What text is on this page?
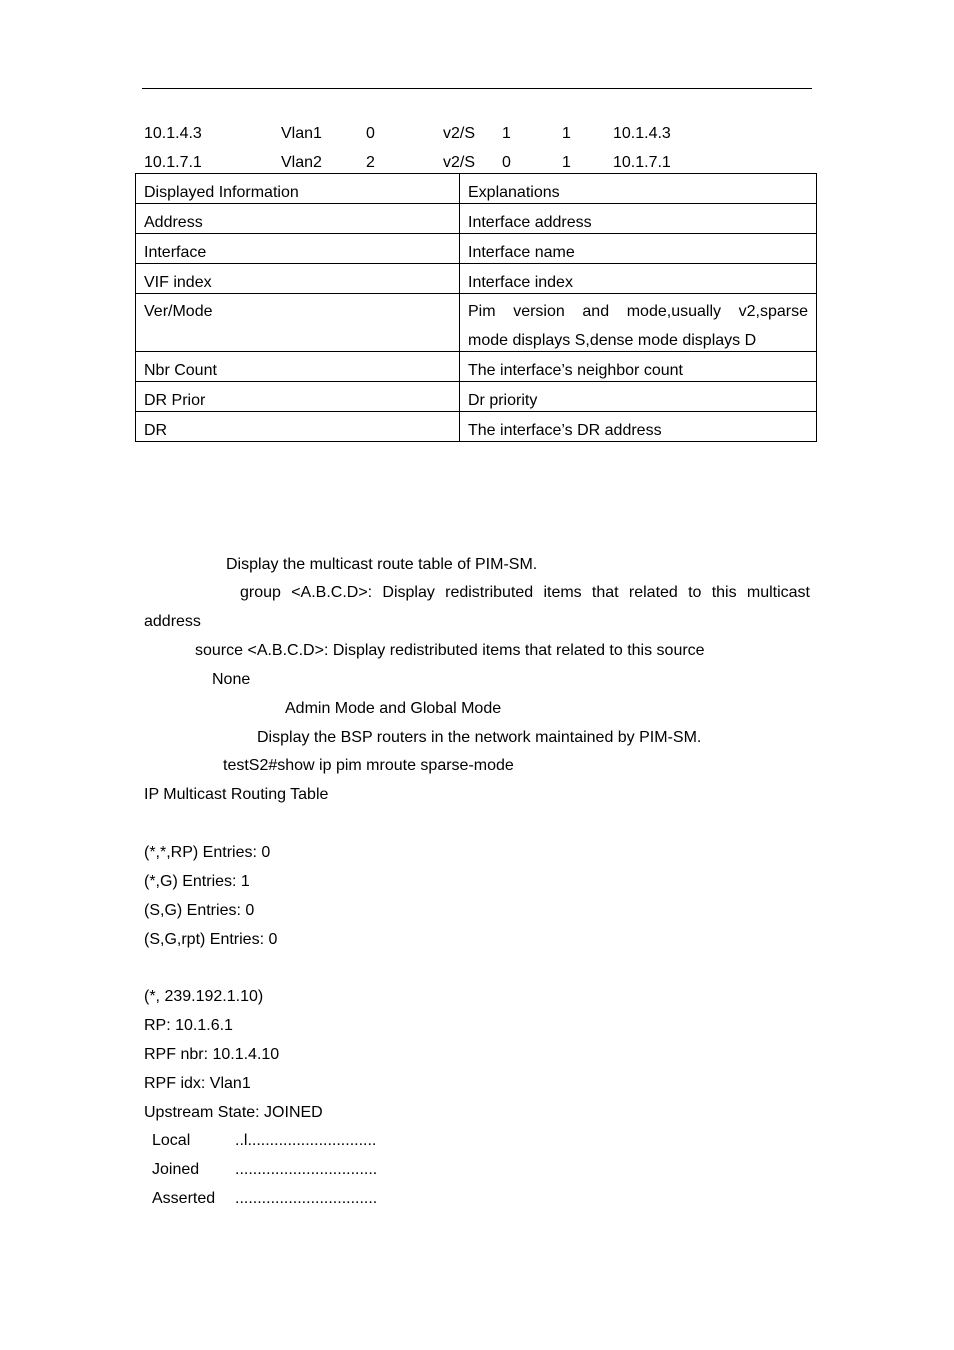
10.1.4.3	Vlan1	0	v2/S 1	1	10.1.4.3
10.1.7.1	Vlan2	2	v2/S 0	1	10.1.7.1
Displayed Information	Explanations
Address	Interface address
Interface	Interface name
VIF index	Interface index
Ver/Mode	Pim version and mode,usually v2,sparse
mode displays S,dense mode displays D

Nbr Count	The interface’s neighbor count
DR Prior	Dr priority
DR	The interface’s DR address
Display the multicast route table of PIM-SM.
group <A.B.C.D>: Display redistributed items that related to this multicast
address
source <A.B.C.D>: Display redistributed items that related to this source
None
Admin Mode and Global Mode
Display the BSP routers in the network maintained by PIM-SM.
testS2#show ip pim mroute sparse-mode
IP Multicast Routing Table
(*,*,RP) Entries: 0
(*,G) Entries: 1
(S,G) Entries: 0
(S,G,rpt) Entries: 0
(*, 239.192.1.10)
RP: 10.1.6.1
RPF nbr: 10.1.4.10
RPF idx: Vlan1
Upstream State: JOINED
Local	..l.............................
Joined ................................
Asserted ................................
